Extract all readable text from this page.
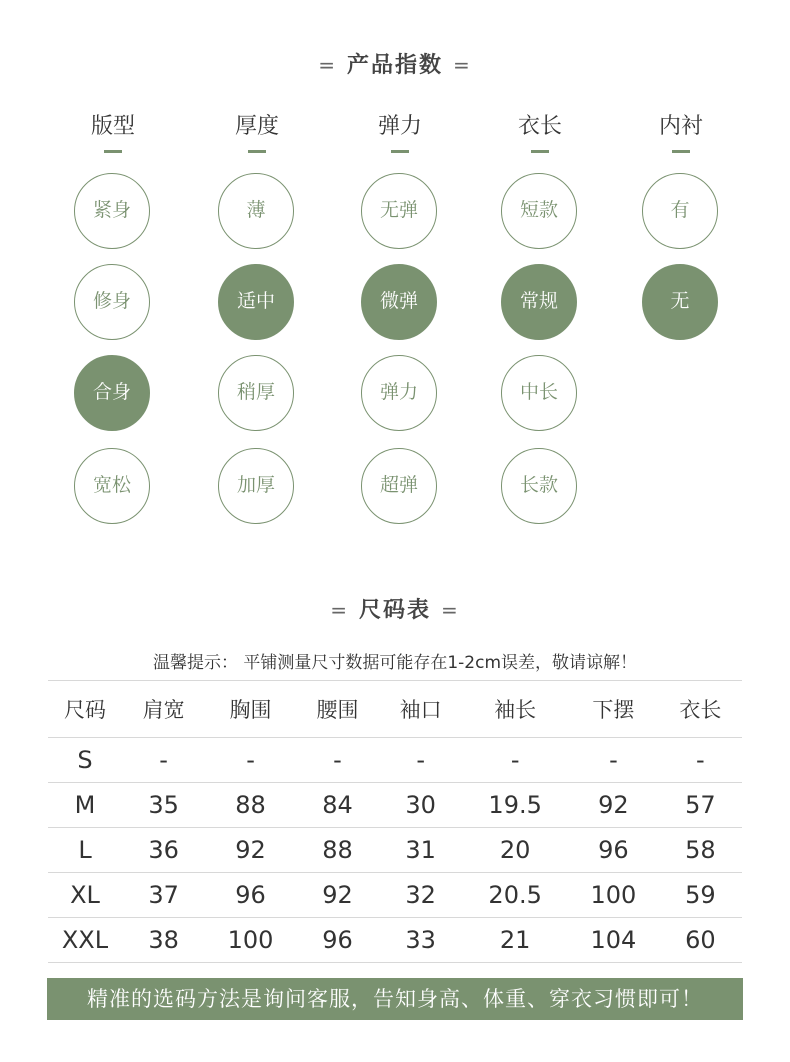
= 产品指数 =
版型
紧身
修身
合身
宽松
厚度
薄
适中
稍厚
加厚
弹力
无弹
微弹
弹力
超弹
衣长
短款
常规
中长
长款
内衬
有
无
= 尺码表 =
温馨提示： 平铺测量尺寸数据可能存在1-2cm误差，敬请谅解！
尺码	肩宽	胸围	腰围	袖口	袖长	下摆	衣长
S	-	-	-	-	-	-	-
M	35	88	84	30	19.5	92	57
L	36	92	88	31	20	96	58
XL	37	96	92	32	20.5	100	59
XXL	38	100	96	33	21	104	60
精准的选码方法是询问客服，告知身高、体重、穿衣习惯即可！
